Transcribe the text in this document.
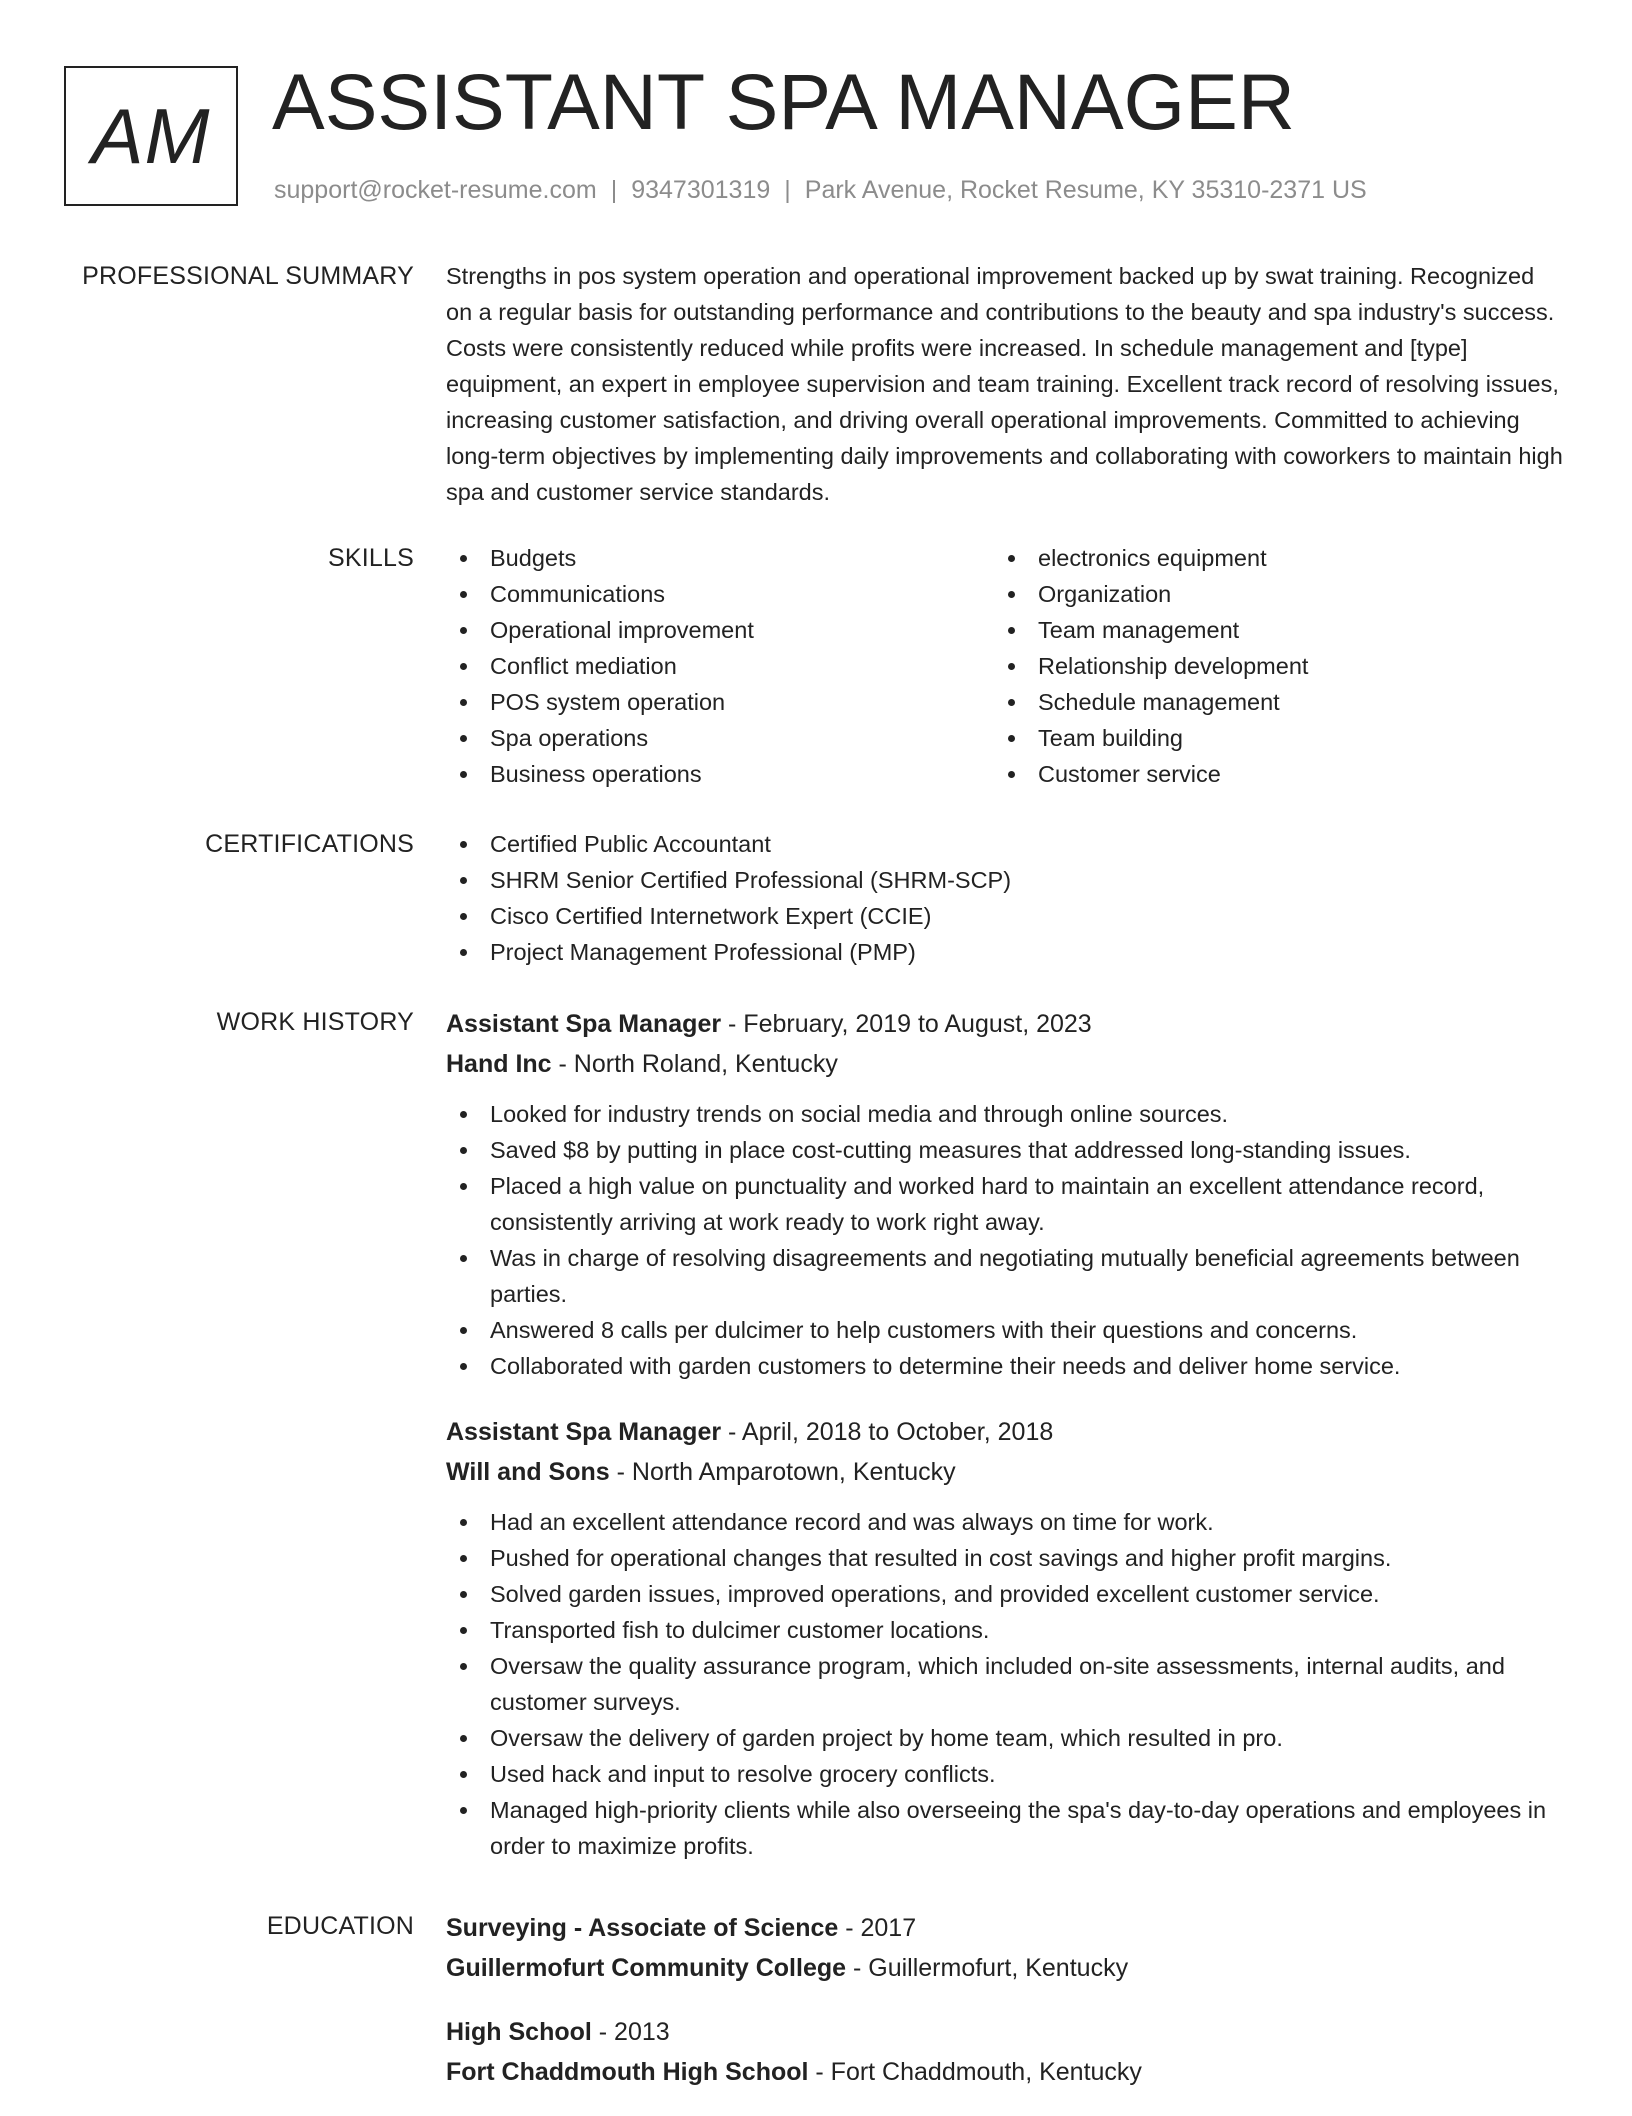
AM ASSISTANT SPA MANAGER
support@rocket-resume.com | 9347301319 | Park Avenue, Rocket Resume, KY 35310-2371 US
PROFESSIONAL SUMMARY Strengths in pos system operation and operational improvement backed up by swat training. Recognized on a regular basis for outstanding performance and contributions to the beauty and spa industry's success. Costs were consistently reduced while profits were increased. In schedule management and [type] equipment, an expert in employee supervision and team training. Excellent track record of resolving issues, increasing customer satisfaction, and driving overall operational improvements. Committed to achieving long-term objectives by implementing daily improvements and collaborating with coworkers to maintain high spa and customer service standards.

SKILLS	Budgets
Communications
Operational improvement
Conflict mediation
POS system operation
Spa operations
Business operations
electronics equipment
Organization
Team management
Relationship development
Schedule management
Team building
Customer service
CERTIFICATIONS	Certified Public Accountant
SHRM Senior Certified Professional (SHRM-SCP)
Cisco Certified Internetwork Expert (CCIE)
Project Management Professional (PMP)
WORK HISTORY Assistant Spa Manager - February, 2019 to August, 2023
Hand Inc - North Roland, Kentucky
Looked for industry trends on social media and through online sources.
Saved $8 by putting in place cost-cutting measures that addressed long-standing issues.
Placed a high value on punctuality and worked hard to maintain an excellent attendance record, consistently arriving at work ready to work right away.
Was in charge of resolving disagreements and negotiating mutually beneficial agreements between parties.
Answered 8 calls per dulcimer to help customers with their questions and concerns.
Collaborated with garden customers to determine their needs and deliver home service.
Assistant Spa Manager - April, 2018 to October, 2018
Will and Sons - North Amparotown, Kentucky
Had an excellent attendance record and was always on time for work.
Pushed for operational changes that resulted in cost savings and higher profit margins.
Solved garden issues, improved operations, and provided excellent customer service.
Transported fish to dulcimer customer locations.
Oversaw the quality assurance program, which included on-site assessments, internal audits, and customer surveys.
Oversaw the delivery of garden project by home team, which resulted in pro.
Used hack and input to resolve grocery conflicts.
Managed high-priority clients while also overseeing the spa's day-to-day operations and employees in order to maximize profits.
EDUCATION Surveying - Associate of Science - 2017
Guillermofurt Community College - Guillermofurt, Kentucky
High School - 2013
Fort Chaddmouth High School - Fort Chaddmouth, Kentucky
